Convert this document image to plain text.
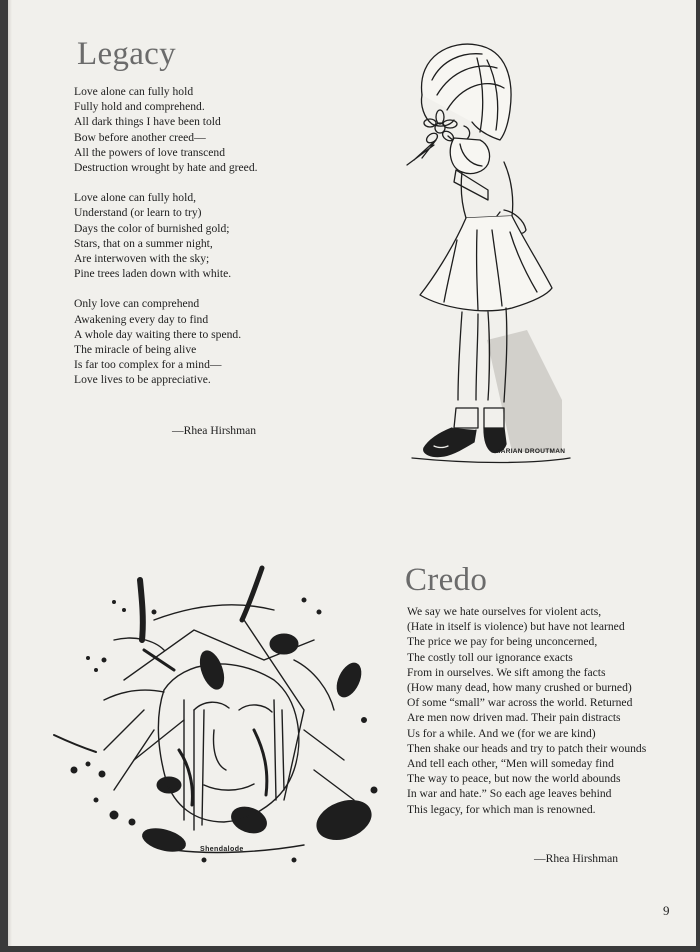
Legacy
Love alone can fully hold
Fully hold and comprehend.
All dark things I have been told
Bow before another creed—
All the powers of love transcend
Destruction wrought by hate and greed.
Love alone can fully hold,
Understand (or learn to try)
Days the color of burnished gold;
Stars, that on a summer night,
Are interwoven with the sky;
Pine trees laden down with white.
Only love can comprehend
Awakening every day to find
A whole day waiting there to spend.
The miracle of being alive
Is far too complex for a mind—
Love lives to be appreciative.
—Rhea Hirshman
MARIAN DROUTMAN
Shendalode
Credo
We say we hate ourselves for violent acts,
(Hate in itself is violence) but have not learned
The price we pay for being unconcerned,
The costly toll our ignorance exacts
From in ourselves. We sift among the facts
(How many dead, how many crushed or burned)
Of some “small” war across the world. Returned
Are men now driven mad. Their pain distracts
Us for a while. And we (for we are kind)
Then shake our heads and try to patch their wounds
And tell each other, “Men will someday find
The way to peace, but now the world abounds
In war and hate.” So each age leaves behind
This legacy, for which man is renowned.
—Rhea Hirshman
9
